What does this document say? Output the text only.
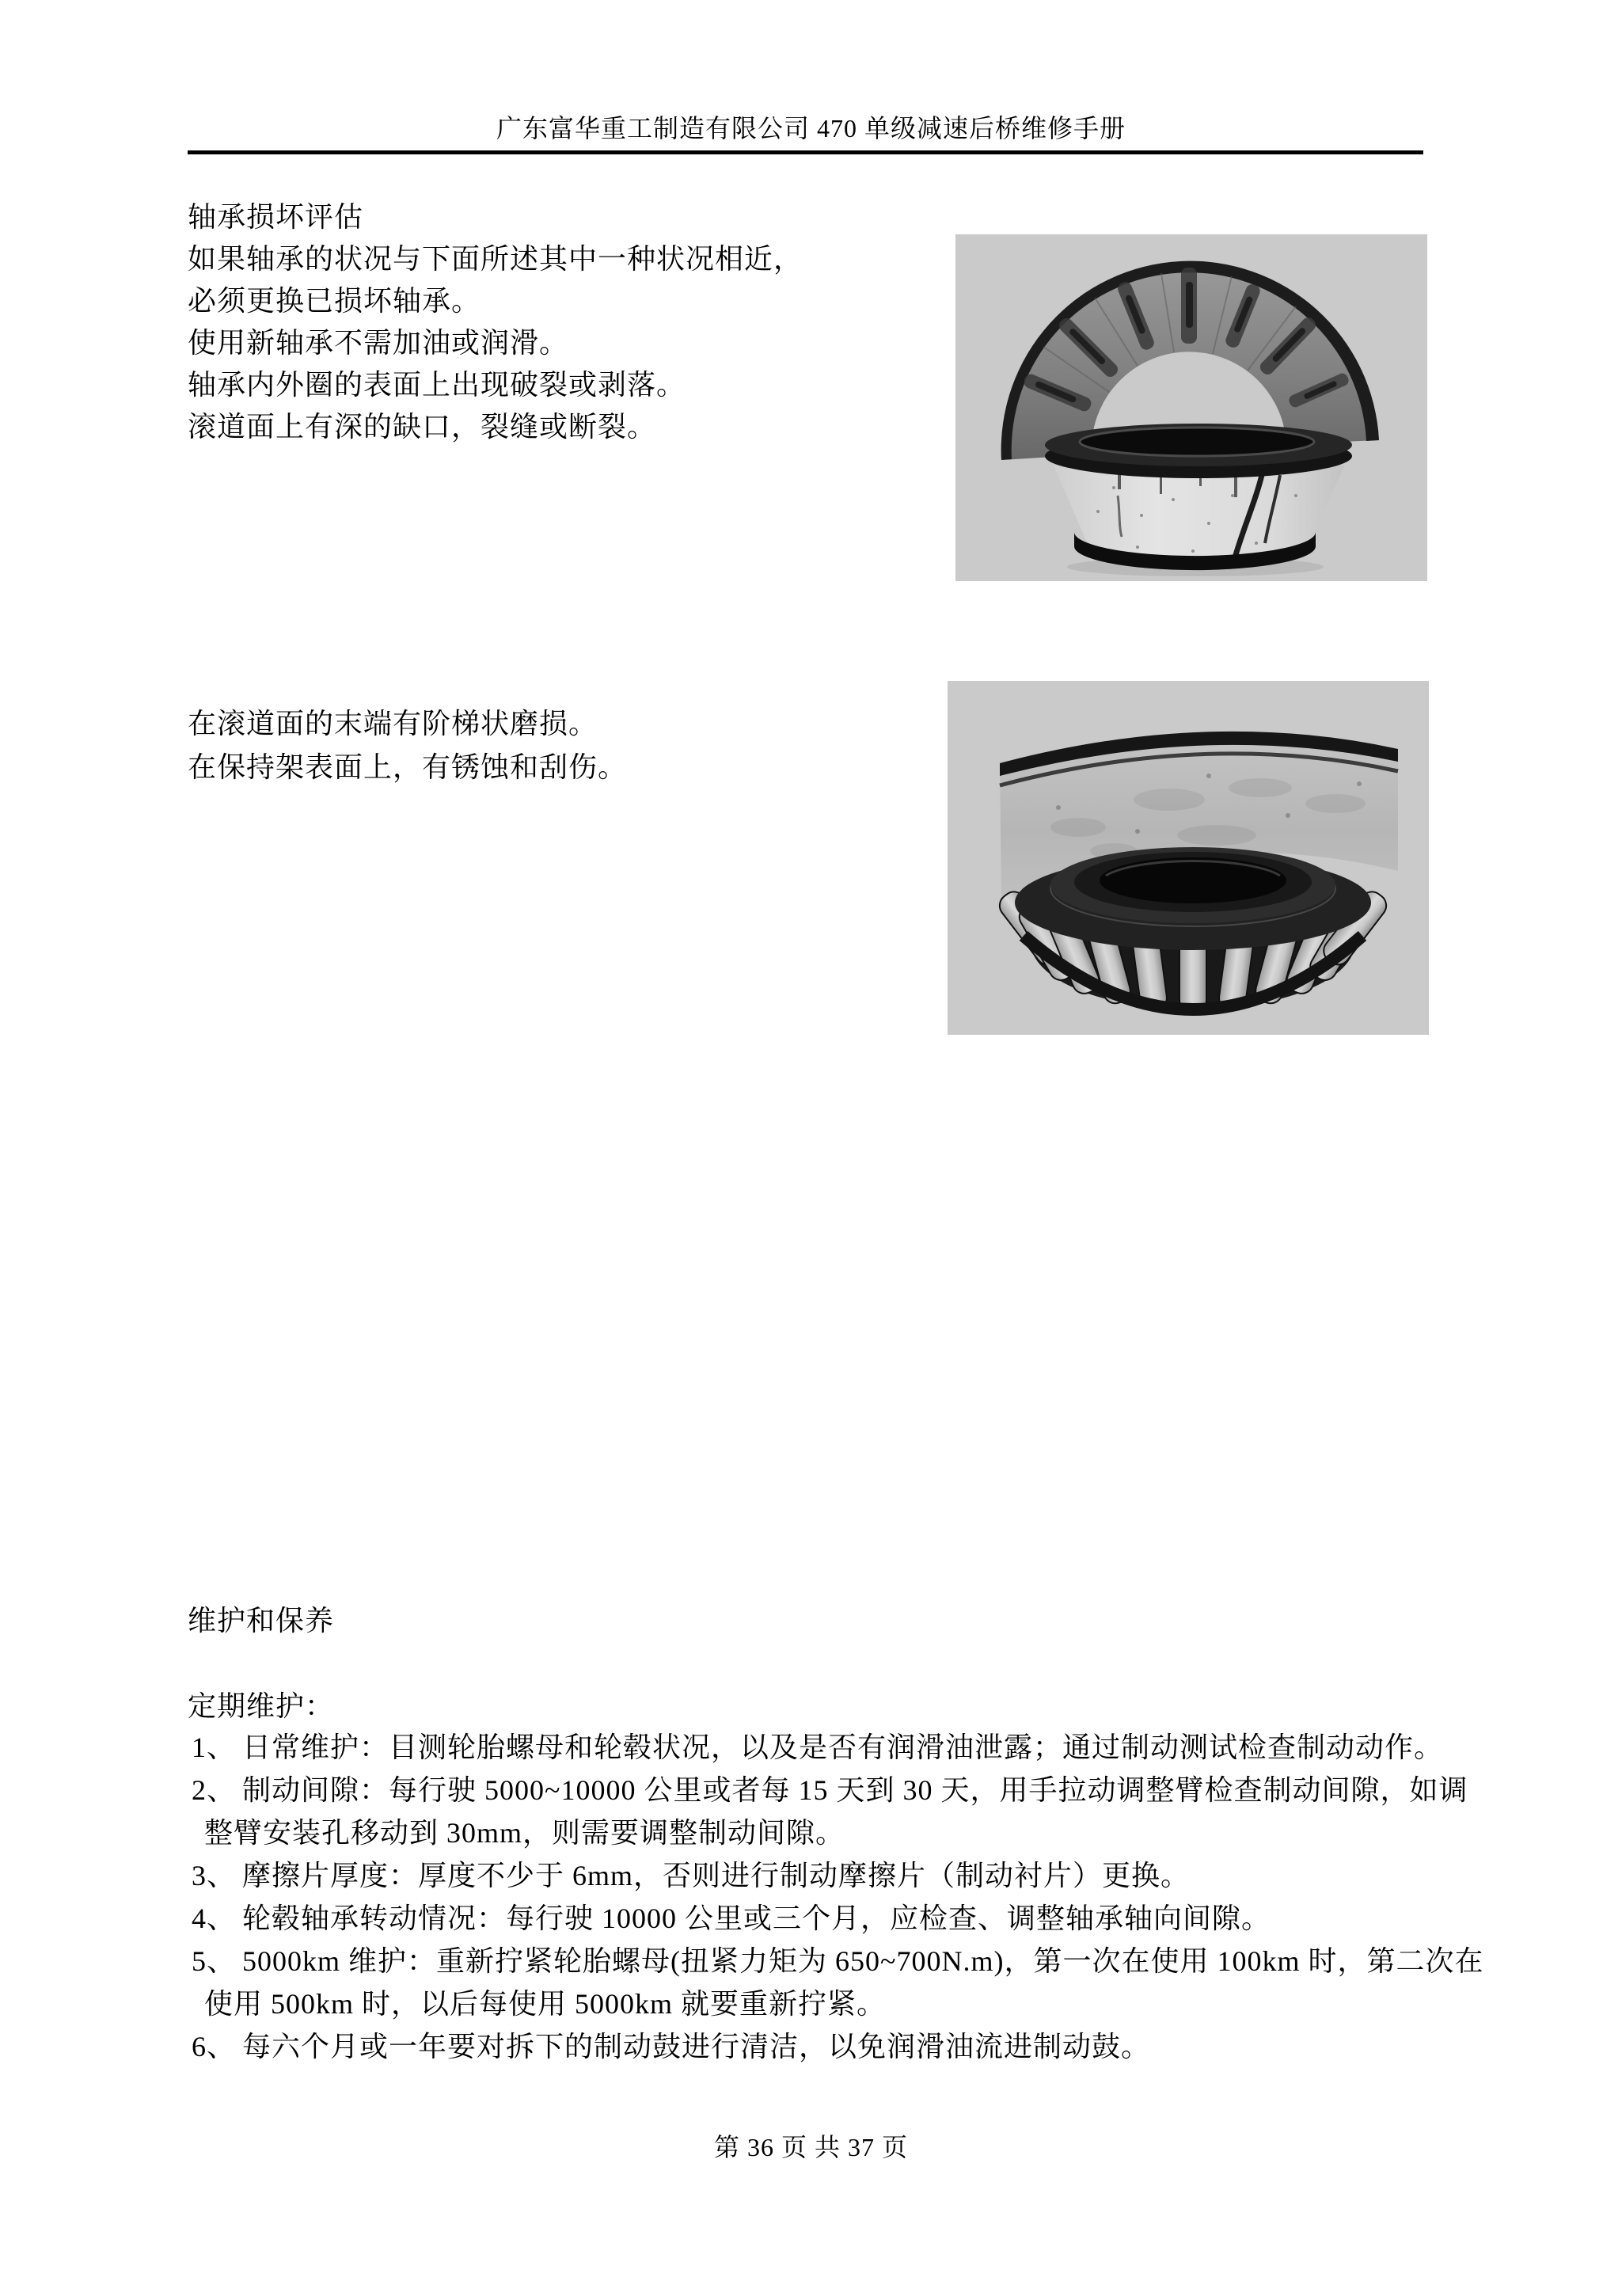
广东富华重工制造有限公司 470 单级减速后桥维修手册
轴承损坏评估
如果轴承的状况与下面所述其中一种状况相近，
必须更换已损坏轴承。
使用新轴承不需加油或润滑。
轴承内外圈的表面上出现破裂或剥落。
滚道面上有深的缺口，裂缝或断裂。
在滚道面的末端有阶梯状磨损。
在保持架表面上，有锈蚀和刮伤。
维护和保养
定期维护：
1、 日常维护：目测轮胎螺母和轮毂状况，以及是否有润滑油泄露；通过制动测试检查制动动作。
2、 制动间隙：每行驶 5000~10000 公里或者每 15 天到 30 天，用手拉动调整臂检查制动间隙，如调
整臂安装孔移动到 30mm，则需要调整制动间隙。
3、 摩擦片厚度：厚度不少于 6mm，否则进行制动摩擦片（制动衬片）更换。
4、 轮毂轴承转动情况：每行驶 10000 公里或三个月，应检查、调整轴承轴向间隙。
5、 5000km 维护：重新拧紧轮胎螺母(扭紧力矩为 650~700N.m)，第一次在使用 100km 时，第二次在
使用 500km 时，以后每使用 5000km 就要重新拧紧。
6、 每六个月或一年要对拆下的制动鼓进行清洁，以免润滑油流进制动鼓。
第 36 页 共 37 页
